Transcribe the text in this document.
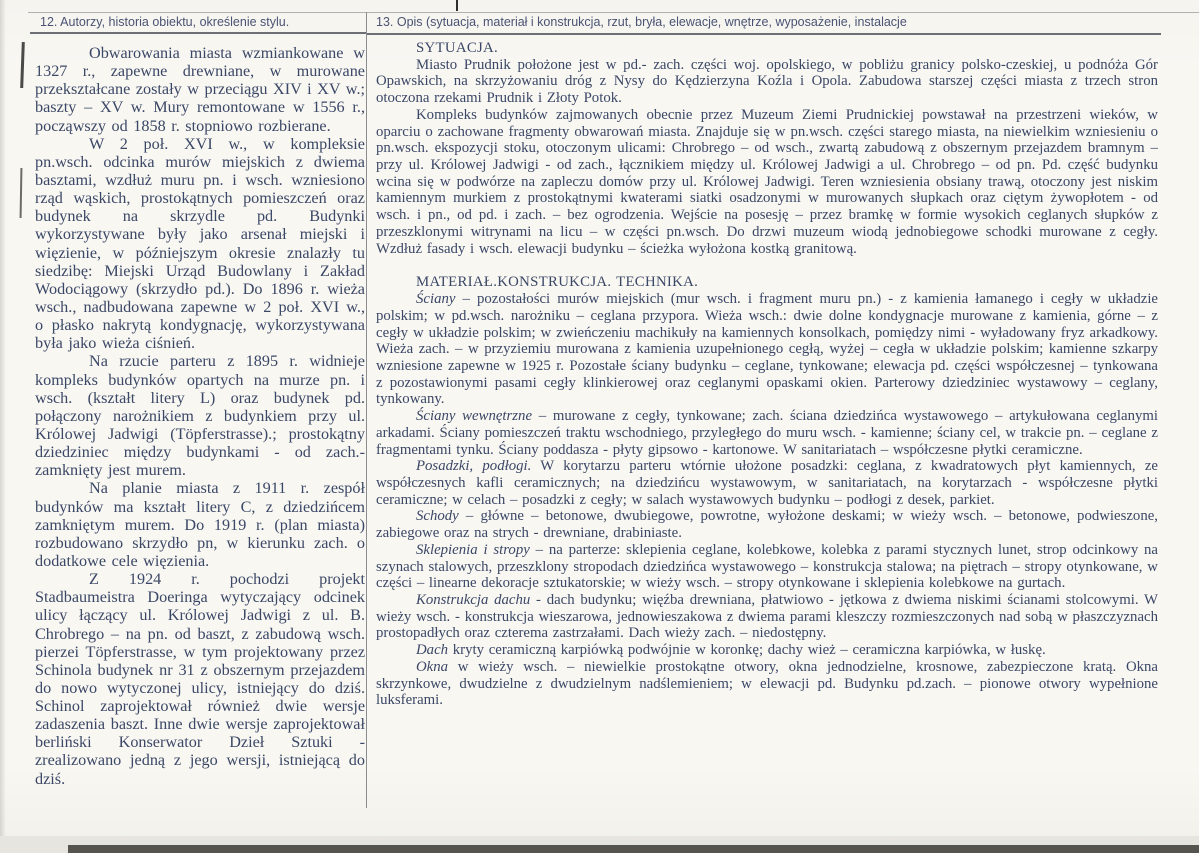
12. Autorzy, historia obiektu, określenie stylu.	13. Opis (sytuacja, materiał i konstrukcja, rzut, bryła, elewacje, wnętrze, wyposażenie, instalacje

Obwarowania miasta wzmiankowane w 1327 r., zapewne drewniane, w murowane przekształcane zostały w przeciągu XIV i XV w.; baszty – XV w. Mury remontowane w 1556 r., począwszy od 1858 r. stopniowo rozbierane.

W 2 poł. XVI w., w kompleksie pn.wsch. odcinka murów miejskich z dwiema basztami, wzdłuż muru pn. i wsch. wzniesiono rząd wąskich, prostokątnych pomieszczeń oraz budynek na skrzydle pd. Budynki wykorzystywane były jako arsenał miejski i więzienie, w późniejszym okresie znalazły tu siedzibę: Miejski Urząd Budowlany i Zakład Wodociągowy (skrzydło pd.). Do 1896 r. wieża wsch., nadbudowana zapewne w 2 poł. XVI w., o płasko nakrytą kondygnację, wykorzystywana była jako wieża ciśnień.

Na rzucie parteru z 1895 r. widnieje kompleks budynków opartych na murze pn. i wsch. (kształt litery L) oraz budynek pd. połączony narożnikiem z budynkiem przy ul. Królowej Jadwigi (Töpferstrasse).; prostokątny dziedziniec między budynkami - od zach.- zamknięty jest murem.

Na planie miasta z 1911 r. zespół budynków ma kształt litery C, z dziedzińcem zamkniętym murem. Do 1919 r. (plan miasta) rozbudowano skrzydło pn, w kierunku zach. o dodatkowe cele więzienia.

Z 1924 r. pochodzi projekt Stadbaumeistra Doeringa wytyczający odcinek ulicy łączący ul. Królowej Jadwigi z ul. B. Chrobrego – na pn. od baszt, z zabudową wsch. pierzei Töpferstrasse, w tym projektowany przez Schinola budynek nr 31 z obszernym przejazdem do nowo wytyczonej ulicy, istniejący do dziś. Schinol zaprojektował również dwie wersje zadaszenia baszt. Inne dwie wersje zaprojektował berliński Konserwator Dzieł Sztuki - zrealizowano jedną z jego wersji, istniejącą do dziś.

SYTUACJA.

Miasto Prudnik położone jest w pd.- zach. części woj. opolskiego, w pobliżu granicy polsko-czeskiej, u podnóża Gór Opawskich, na skrzyżowaniu dróg z Nysy do Kędzierzyna Koźla i Opola. Zabudowa starszej części miasta z trzech stron otoczona rzekami Prudnik i Złoty Potok.

Kompleks budynków zajmowanych obecnie przez Muzeum Ziemi Prudnickiej powstawał na przestrzeni wieków, w oparciu o zachowane fragmenty obwarowań miasta. Znajduje się w pn.wsch. części starego miasta, na niewielkim wzniesieniu o pn.wsch. ekspozycji stoku, otoczonym ulicami: Chrobrego – od wsch., zwartą zabudową z obszernym przejazdem bramnym – przy ul. Królowej Jadwigi - od zach., łącznikiem między ul. Królowej Jadwigi a ul. Chrobrego – od pn. Pd. część budynku wcina się w podwórze na zapleczu domów przy ul. Królowej Jadwigi. Teren wzniesienia obsiany trawą, otoczony jest niskim kamiennym murkiem z prostokątnymi kwaterami siatki osadzonymi w murowanych słupkach oraz ciętym żywopłotem - od wsch. i pn., od pd. i zach. – bez ogrodzenia. Wejście na posesję – przez bramkę w formie wysokich ceglanych słupków z przeszklonymi witrynami na licu – w części pn.wsch. Do drzwi muzeum wiodą jednobiegowe schodki murowane z cegły. Wzdłuż fasady i wsch. elewacji budynku – ścieżka wyłożona kostką granitową.

MATERIAŁ.KONSTRUKCJA. TECHNIKA.

Ściany – pozostałości murów miejskich (mur wsch. i fragment muru pn.) - z kamienia łamanego i cegły w układzie polskim; w pd.wsch. narożniku – ceglana przypora. Wieża wsch.: dwie dolne kondygnacje murowane z kamienia, górne – z cegły w układzie polskim; w zwieńczeniu machikuły na kamiennych konsolkach, pomiędzy nimi - wyładowany fryz arkadkowy. Wieża zach. – w przyziemiu murowana z kamienia uzupełnionego cegłą, wyżej – cegła w układzie polskim; kamienne szkarpy wzniesione zapewne w 1925 r. Pozostałe ściany budynku – ceglane, tynkowane; elewacja pd. części współczesnej – tynkowana z pozostawionymi pasami cegły klinkierowej oraz ceglanymi opaskami okien. Parterowy dziedziniec wystawowy – ceglany, tynkowany.

Ściany wewnętrzne – murowane z cegły, tynkowane; zach. ściana dziedzińca wystawowego – artykułowana ceglanymi arkadami. Ściany pomieszczeń traktu wschodniego, przyległego do muru wsch. - kamienne; ściany cel, w trakcie pn. – ceglane z fragmentami tynku. Ściany poddasza - płyty gipsowo - kartonowe. W sanitariatach – współczesne płytki ceramiczne.

Posadzki, podłogi. W korytarzu parteru wtórnie ułożone posadzki: ceglana, z kwadratowych płyt kamiennych, ze współczesnych kafli ceramicznych; na dziedzińcu wystawowym, w sanitariatach, na korytarzach - współczesne płytki ceramiczne; w celach – posadzki z cegły; w salach wystawowych budynku – podłogi z desek, parkiet.

Schody – główne – betonowe, dwubiegowe, powrotne, wyłożone deskami; w wieży wsch. – betonowe, podwieszone, zabiegowe oraz na strych - drewniane, drabiniaste.

Sklepienia i stropy – na parterze: sklepienia ceglane, kolebkowe, kolebka z parami stycznych lunet, strop odcinkowy na szynach stalowych, przeszklony stropodach dziedzińca wystawowego – konstrukcja stalowa; na piętrach – stropy otynkowane, w części – linearne dekoracje sztukatorskie; w wieży wsch. – stropy otynkowane i sklepienia kolebkowe na gurtach.

Konstrukcja dachu - dach budynku; więźba drewniana, płatwiowo - jętkowa z dwiema niskimi ścianami stolcowymi. W wieży wsch. - konstrukcja wieszarowa, jednowieszakowa z dwiema parami kleszczy rozmieszczonych nad sobą w płaszczyznach prostopadłych oraz czterema zastrzałami. Dach wieży zach. – niedostępny.

Dach kryty ceramiczną karpiówką podwójnie w koronkę; dachy wież – ceramiczna karpiówka, w łuskę.

Okna w wieży wsch. – niewielkie prostokątne otwory, okna jednodzielne, krosnowe, zabezpieczone kratą. Okna skrzynkowe, dwudzielne z dwudzielnym nadślemieniem; w elewacji pd. Budynku pd.zach. – pionowe otwory wypełnione luksferami.
